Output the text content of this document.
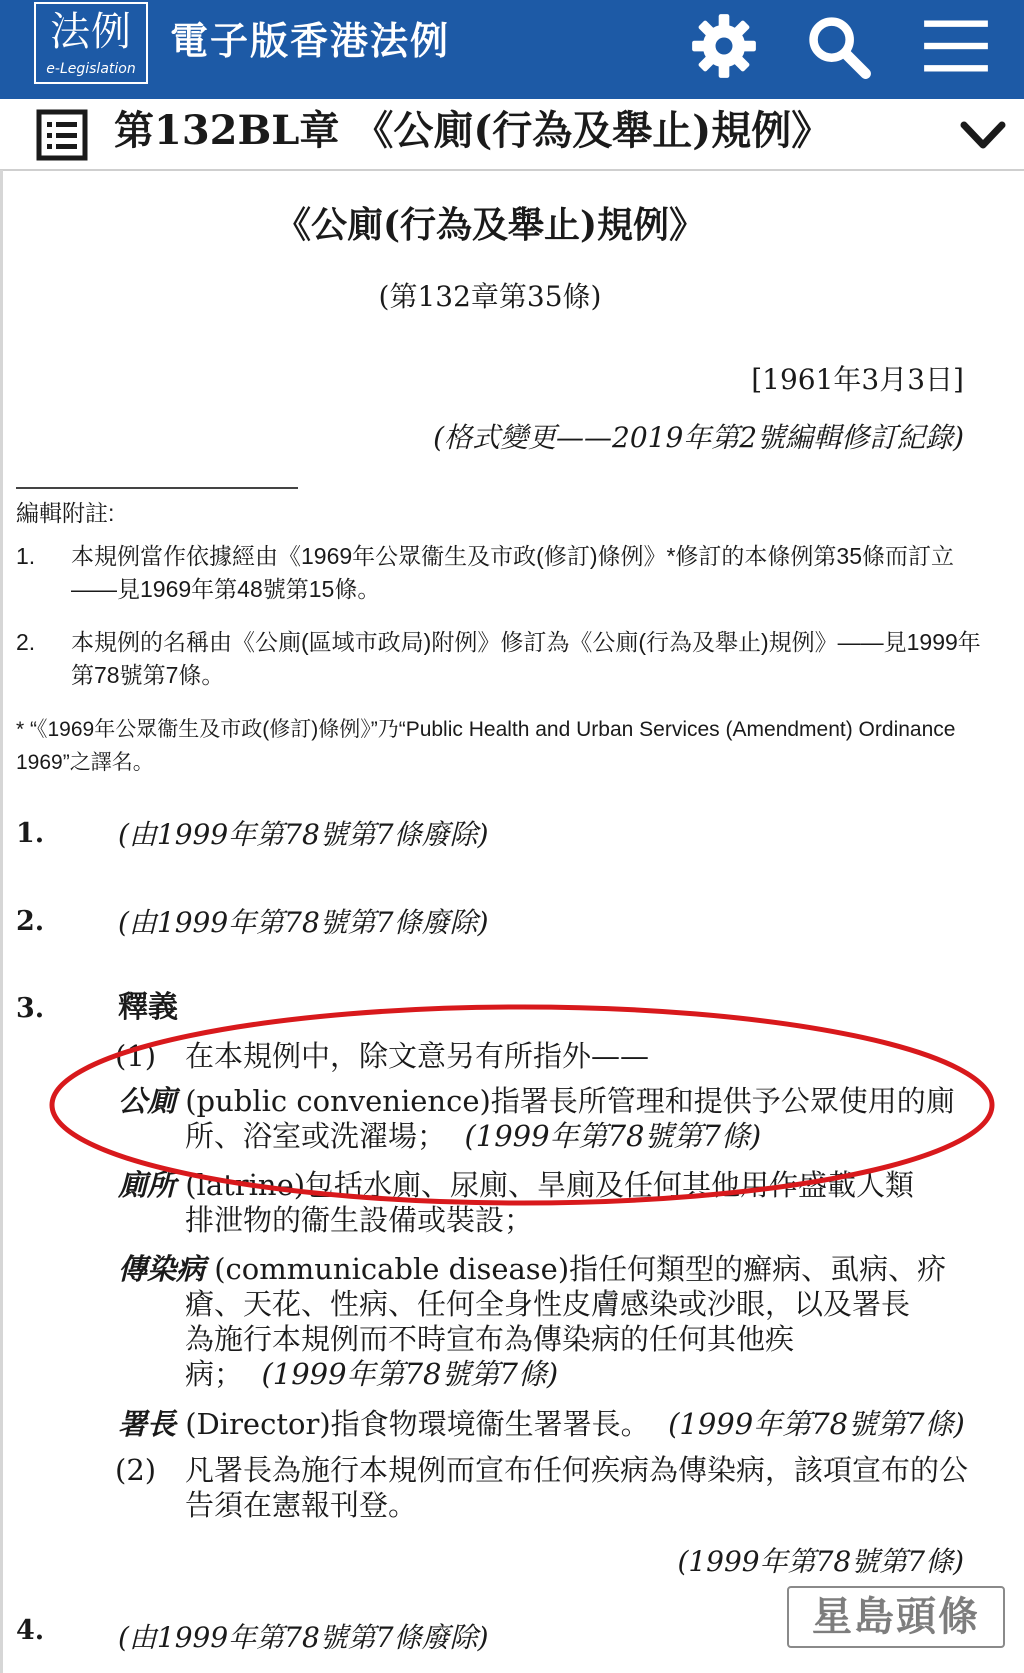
法例
e-Legislation
電子版香港法例
第132BL章 《公廁(行為及舉止)規例》
《公廁(行為及舉止)規例》
(第132章第35條)
[1961年3月3日]
(格式變更——2019年第2號編輯修訂紀錄)
編輯附註:
1. 本規例當作依據經由《1969年公眾衞生及市政(修訂)條例》*修訂的本條例第35條而訂立——見1969年第48號第15條。
2. 本規例的名稱由《公廁(區域市政局)附例》修訂為《公廁(行為及舉止)規例》——見1999年第78號第7條。
* “《1969年公眾衞生及市政(修訂)條例》”乃“Public Health and Urban Services (Amendment) Ordinance 1969”之譯名。
1.	(由1999年第78號第7條廢除)
2.	(由1999年第78號第7條廢除)
3. 釋義
(1) 在本規例中，除文意另有所指外——
公廁 (public convenience)指署長所管理和提供予公眾使用的廁
所、浴室或洗濯場； (1999年第78號第7條)
廁所 (latrine)包括水廁、尿廁、旱廁及任何其他用作盛載人類
排泄物的衞生設備或裝設；
傳染病 (communicable disease)指任何類型的癬病、虱病、疥
瘡、天花、性病、任何全身性皮膚感染或沙眼，以及署長
為施行本規例而不時宣布為傳染病的任何其他疾
病； (1999年第78號第7條)
署長 (Director)指食物環境衞生署署長。 (1999年第78號第7條)
(2) 凡署長為施行本規例而宣布任何疾病為傳染病，該項宣布的公告須在憲報刊登。
(1999年第78號第7條)
4.	(由1999年第78號第7條廢除)	星島頭條
